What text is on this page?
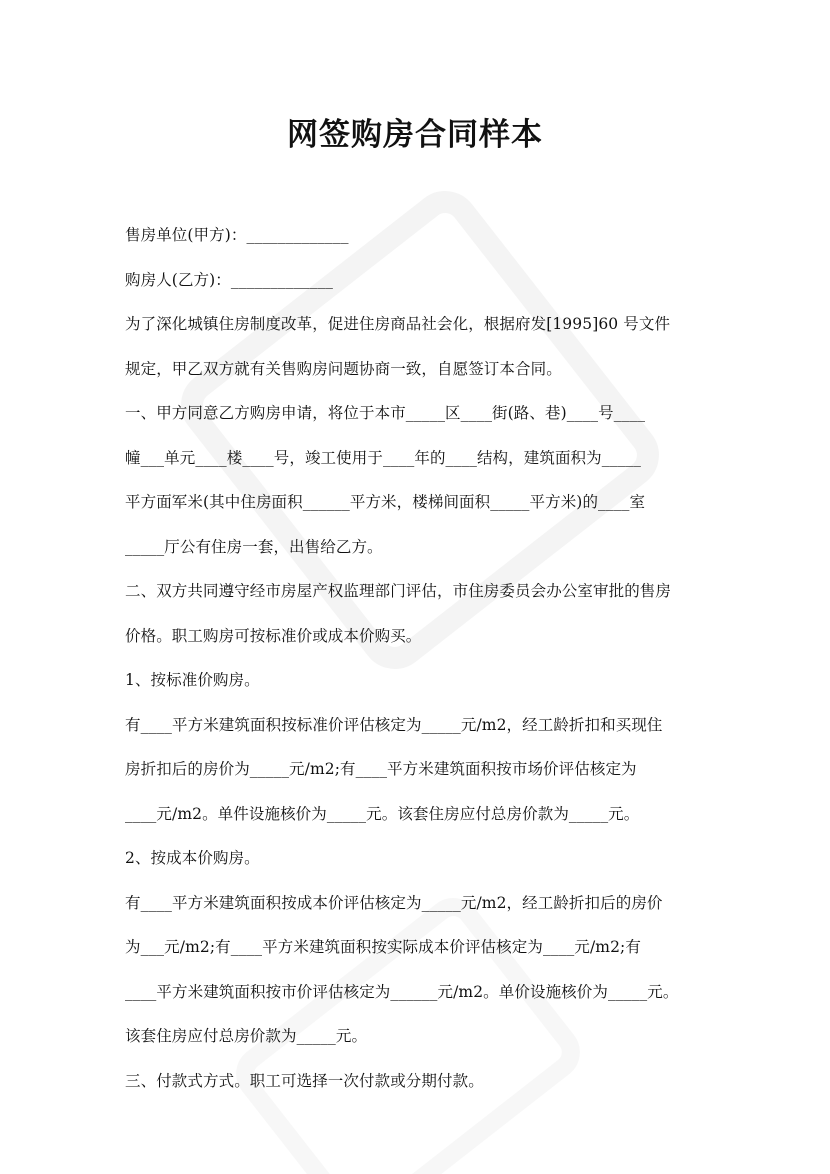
网签购房合同样本
售房单位(甲方)：_____________
购房人(乙方)：_____________
为了深化城镇住房制度改革，促进住房商品社会化，根据府发[1995]60 号文件
规定，甲乙双方就有关售购房问题协商一致，自愿签订本合同。
一、甲方同意乙方购房申请，将位于本市_____区____街(路、巷)____号____
幢___单元____楼____号，竣工使用于____年的____结构，建筑面积为_____
平方面军米(其中住房面积______平方米，楼梯间面积_____平方米)的____室
_____厅公有住房一套，出售给乙方。
二、双方共同遵守经市房屋产权监理部门评估，市住房委员会办公室审批的售房
价格。职工购房可按标准价或成本价购买。
1、按标准价购房。
有____平方米建筑面积按标准价评估核定为_____元/m2，经工龄折扣和买现住
房折扣后的房价为_____元/m2;有____平方米建筑面积按市场价评估核定为
____元/m2。单件设施核价为_____元。该套住房应付总房价款为_____元。
2、按成本价购房。
有____平方米建筑面积按成本价评估核定为_____元/m2，经工龄折扣后的房价
为___元/m2;有____平方米建筑面积按实际成本价评估核定为____元/m2;有
____平方米建筑面积按市价评估核定为______元/m2。单价设施核价为_____元。
该套住房应付总房价款为_____元。
三、付款式方式。职工可选择一次付款或分期付款。
